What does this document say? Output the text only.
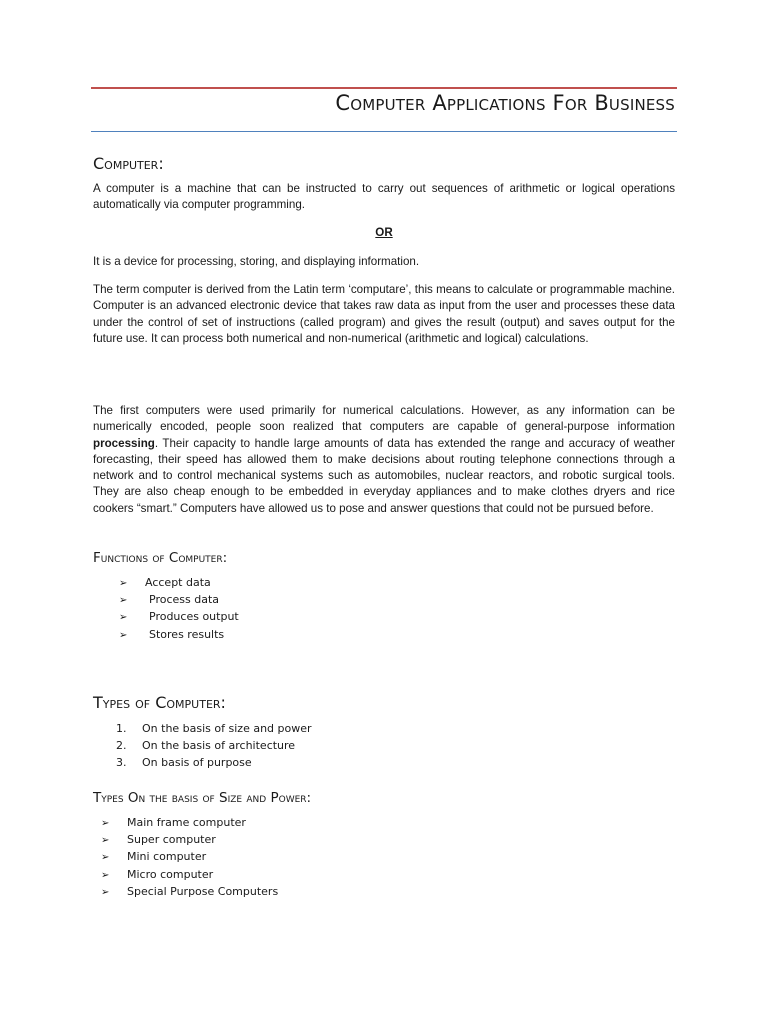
Computer Applications For Business
Computer:

A computer is a machine that can be instructed to carry out sequences of arithmetic or logical operations automatically via computer programming.

OR

It is a device for processing, storing, and displaying information.

The term computer is derived from the Latin term ‘computare’, this means to calculate or programmable machine. Computer is an advanced electronic device that takes raw data as input from the user and processes these data under the control of set of instructions (called program) and gives the result (output) and saves output for the future use. It can process both numerical and non-numerical (arithmetic and logical) calculations.

The first computers were used primarily for numerical calculations. However, as any information can be numerically encoded, people soon realized that computers are capable of general-purpose information processing. Their capacity to handle large amounts of data has extended the range and accuracy of weather forecasting, their speed has allowed them to make decisions about routing telephone connections through a network and to control mechanical systems such as automobiles, nuclear reactors, and robotic surgical tools. They are also cheap enough to be embedded in everyday appliances and to make clothes dryers and rice cookers “smart.” Computers have allowed us to pose and answer questions that could not be pursued before.

Functions of Computer:
➢ Accept data
➢ Process data
➢ Produces output
➢ Stores results
Types of Computer:
1. On the basis of size and power
2. On the basis of architecture
3. On basis of purpose
Types On the basis of Size and Power:
➢ Main frame computer
➢ Super computer
➢ Mini computer
➢ Micro computer
➢ Special Purpose Computers
